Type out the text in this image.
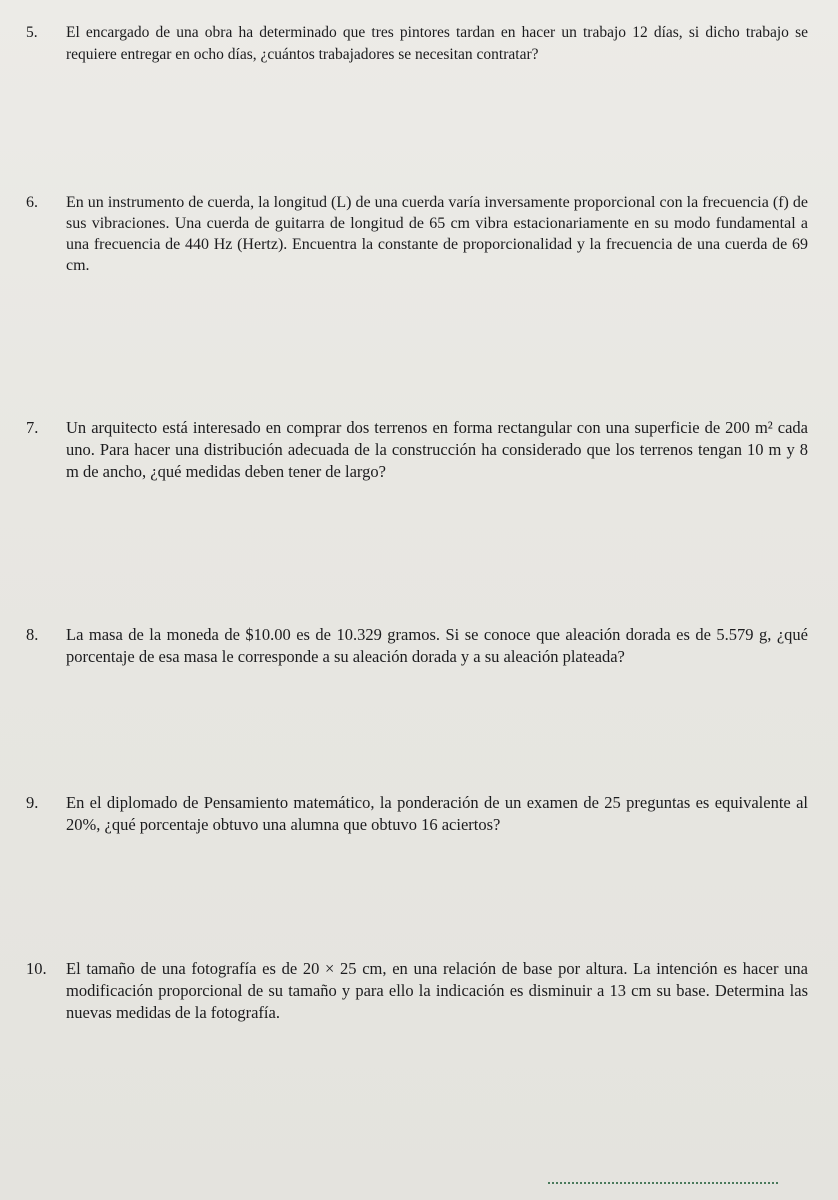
5.	El encargado de una obra ha determinado que tres pintores tardan en hacer un trabajo 12 días, si dicho trabajo se requiere entregar en ocho días, ¿cuántos trabajadores se necesitan contratar?

6.	En un instrumento de cuerda, la longitud (L) de una cuerda varía inversamente proporcional con la frecuencia (f) de sus vibraciones. Una cuerda de guitarra de longitud de 65 cm vibra estacionariamente en su modo fundamental a una frecuencia de 440 Hz (Hertz). Encuentra la constante de proporcionalidad y la frecuencia de una cuerda de 69 cm.

7.	Un arquitecto está interesado en comprar dos terrenos en forma rectangular con una superficie de 200 m² cada uno. Para hacer una distribución adecuada de la construcción ha considerado que los terrenos tengan 10 m y 8 m de ancho, ¿qué medidas deben tener de largo?

8.	La masa de la moneda de $10.00 es de 10.329 gramos. Si se conoce que aleación dorada es de 5.579 g, ¿qué porcentaje de esa masa le corresponde a su aleación dorada y a su aleación plateada?

9.	En el diplomado de Pensamiento matemático, la ponderación de un examen de 25 preguntas es equivalente al 20%, ¿qué porcentaje obtuvo una alumna que obtuvo 16 aciertos?

10.	El tamaño de una fotografía es de 20 × 25 cm, en una relación de base por altura. La intención es hacer una modificación proporcional de su tamaño y para ello la indicación es disminuir a 13 cm su base. Determina las nuevas medidas de la fotografía.
